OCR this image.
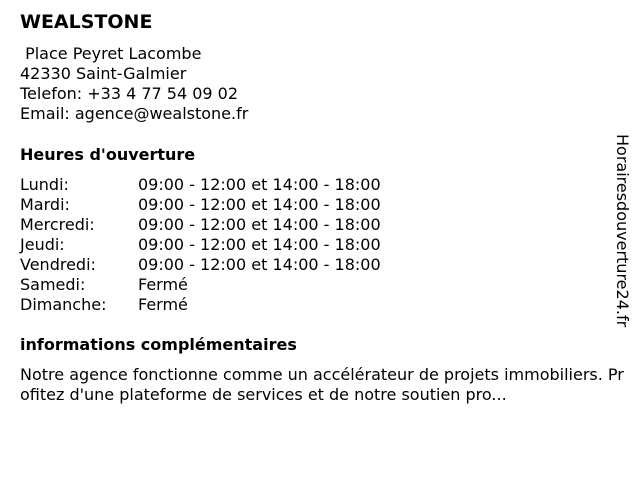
WEALSTONE
Place Peyret Lacombe
42330 Saint-Galmier
Telefon: +33 4 77 54 09 02
Email: agence@wealstone.fr
Heures d'ouverture
Lundi:	09:00 - 12:00 et 14:00 - 18:00
Mardi:	09:00 - 12:00 et 14:00 - 18:00
Mercredi:	09:00 - 12:00 et 14:00 - 18:00
Jeudi:	09:00 - 12:00 et 14:00 - 18:00
Vendredi:	09:00 - 12:00 et 14:00 - 18:00
Samedi:	Fermé
Dimanche:	Fermé
informations complémentaires
Notre agence fonctionne comme un accélérateur de projets immobiliers. Profitez d'une plateforme de services et de notre soutien pro...
Horairesdouverture24.fr
